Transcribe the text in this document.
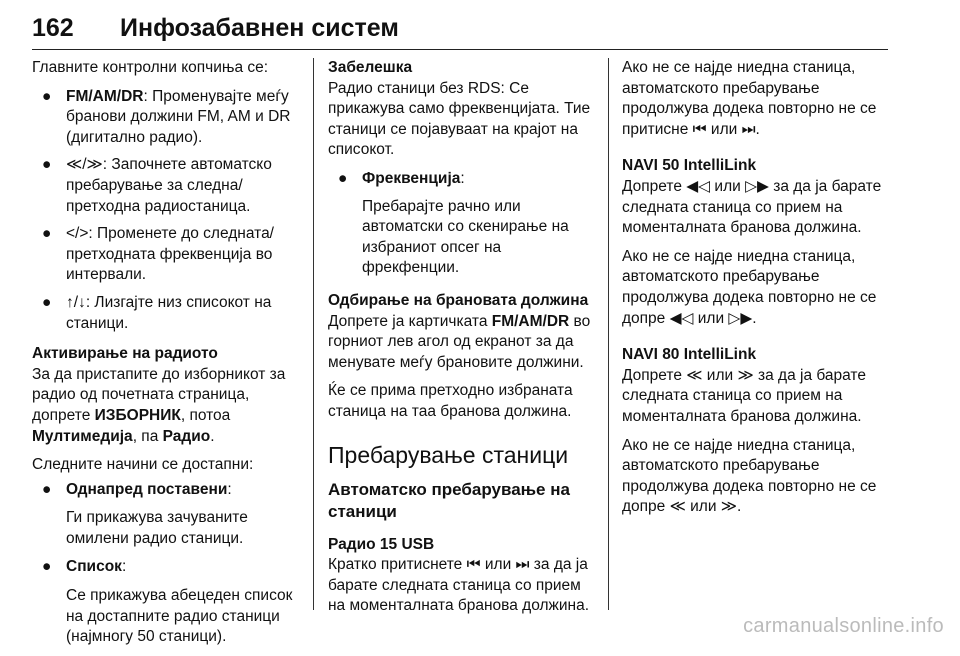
162 Инфозабавнен систем

Главните контролни копчиња се:

● FM/AM/DR: Променувајте меѓу бранови должини FM, AM и DR (дигитално радио).
● ≪/≫: Започнете автоматско пребарување за следна/ претходна радиостаница.
● </>: Променете до следната/ претходната фреквенција во интервали.
● ↑/↓: Лизгајте низ списокот на станици.

Активирање на радиото

За да пристапите до изборникот за радио од почетната страница, допрете ИЗБОРНИК, потоа Мултимедија, па Радио.

Следните начини се достапни:

● Однапред поставени:

Ги прикажува зачуваните омилени радио станици.

● Список:

Се прикажува абецеден список на достапните радио станици (најмногу 50 станици).

Забелешка

Радио станици без RDS: Се прикажува само фреквенцијата. Тие станици се појавуваат на крајот на списокот.

● Фреквенција:

Пребарајте рачно или автоматски со скенирање на избраниот опсег на фрекфенции.

Одбирање на брановата должина

Допрете ја картичката FM/AM/DR во горниот лев агол од екранот за да менувате меѓу брановите должини.

Ќе се прима претходно избраната станица на таа бранова должина.

Пребарување станици
Автоматско пребарување на станици

Радио 15 USB

Кратко притиснете ⏮ или ⏭ за да ја барате следната станица со прием на моменталната бранова должина.

Ако не се најде ниедна станица, автоматското пребарување продолжува додека повторно не се притисне ⏮ или ⏭.

NAVI 50 IntelliLink

Допрете ◀◁ или ▷▶ за да ја барате следната станица со прием на моменталната бранова должина.

Ако не се најде ниедна станица, автоматското пребарување продолжува додека повторно не се допре ◀◁ или ▷▶.

NAVI 80 IntelliLink

Допрете ≪ или ≫ за да ја барате следната станица со прием на моменталната бранова должина.

Ако не се најде ниедна станица, автоматското пребарување продолжува додека повторно не се допре ≪ или ≫.

carmanualsonline.info
